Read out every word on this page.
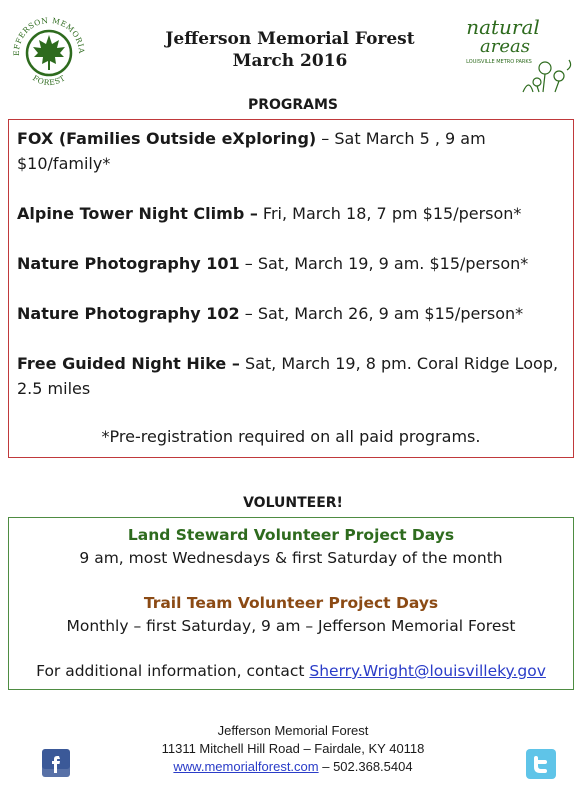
EFFERSON MEMORIA
FOREST
natural
areas
LOUISVILLE METRO PARKS
Jefferson Memorial Forest
March 2016
PROGRAMS
FOX (Families Outside eXploring) – Sat March 5 , 9 am $10/family*
Alpine Tower Night Climb – Fri, March 18, 7 pm $15/person*
Nature Photography 101 – Sat, March 19, 9 am. $15/person*
Nature Photography 102 – Sat, March 26, 9 am $15/person*
Free Guided Night Hike – Sat, March 19, 8 pm. Coral Ridge Loop, 2.5 miles
*Pre-registration required on all paid programs.
VOLUNTEER!
Land Steward Volunteer Project Days
9 am, most Wednesdays & first Saturday of the month
Trail Team Volunteer Project Days
Monthly – first Saturday, 9 am – Jefferson Memorial Forest
For additional information, contact Sherry.Wright@louisvilleky.gov
Jefferson Memorial Forest
11311 Mitchell Hill Road – Fairdale, KY 40118
www.memorialforest.com – 502.368.5404
